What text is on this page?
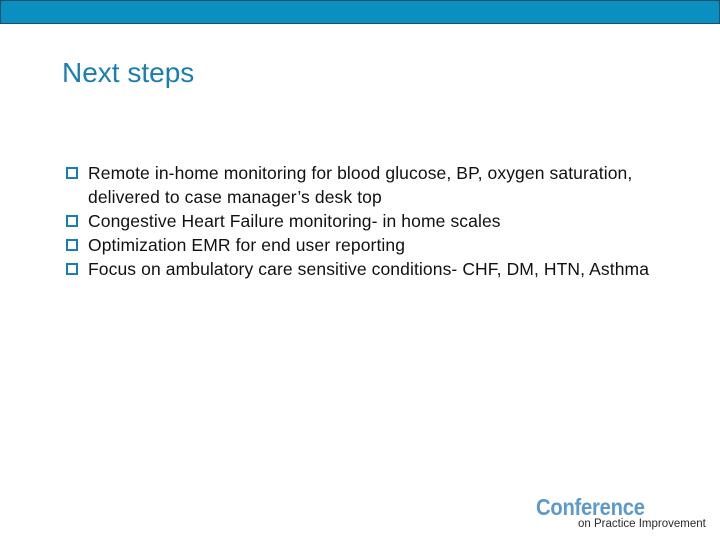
Next steps
Remote in-home monitoring for blood glucose, BP, oxygen saturation, delivered to case manager’s desk top
Congestive Heart Failure monitoring- in home scales
Optimization EMR for end user reporting
Focus on ambulatory care sensitive conditions- CHF, DM, HTN, Asthma
Conference
on Practice Improvement
